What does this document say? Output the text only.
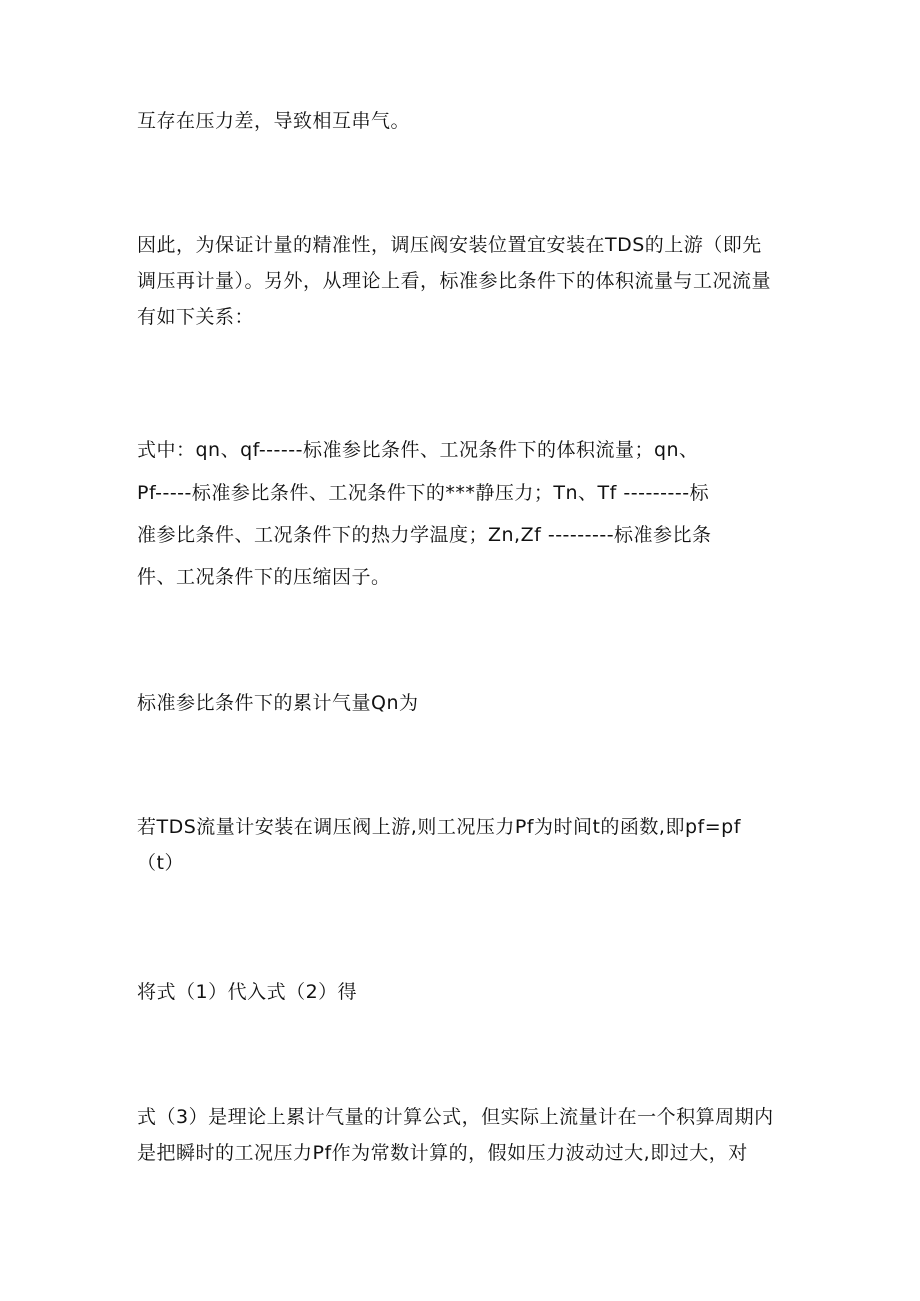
互存在压力差，导致相互串气。
因此，为保证计量的精准性，调压阀安装位置宜安装在TDS的上游（即先
调压再计量）。另外，从理论上看，标准参比条件下的体积流量与工况流量
有如下关系：
式中：qn、qf------标准参比条件、工况条件下的体积流量；qn、
Pf-----标准参比条件、工况条件下的***静压力；Tn、Tf ---------标
准参比条件、工况条件下的热力学温度；Zn,Zf ---------标准参比条
件、工况条件下的压缩因子。
标准参比条件下的累计气量Qn为
若TDS流量计安装在调压阀上游,则工况压力Pf为时间t的函数,即pf=pf
（t）
将式（1）代入式（2）得
式（3）是理论上累计气量的计算公式，但实际上流量计在一个积算周期内
是把瞬时的工况压力Pf作为常数计算的，假如压力波动过大,即过大，对
